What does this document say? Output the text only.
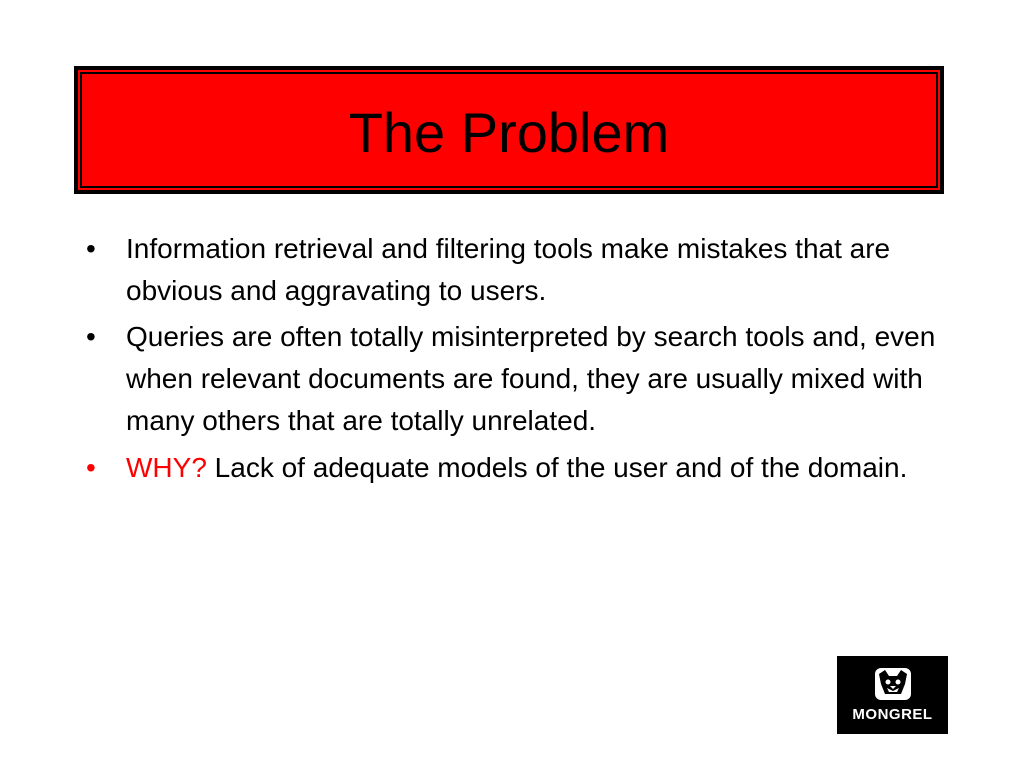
The Problem
•	Information retrieval and filtering tools make mistakes that are obvious and aggravating to users.
•	Queries are often totally misinterpreted by search tools and, even when relevant documents are found, they are usually mixed with many others that are totally unrelated.
•	WHY? Lack of adequate models of the user and of the domain.
MONGREL
